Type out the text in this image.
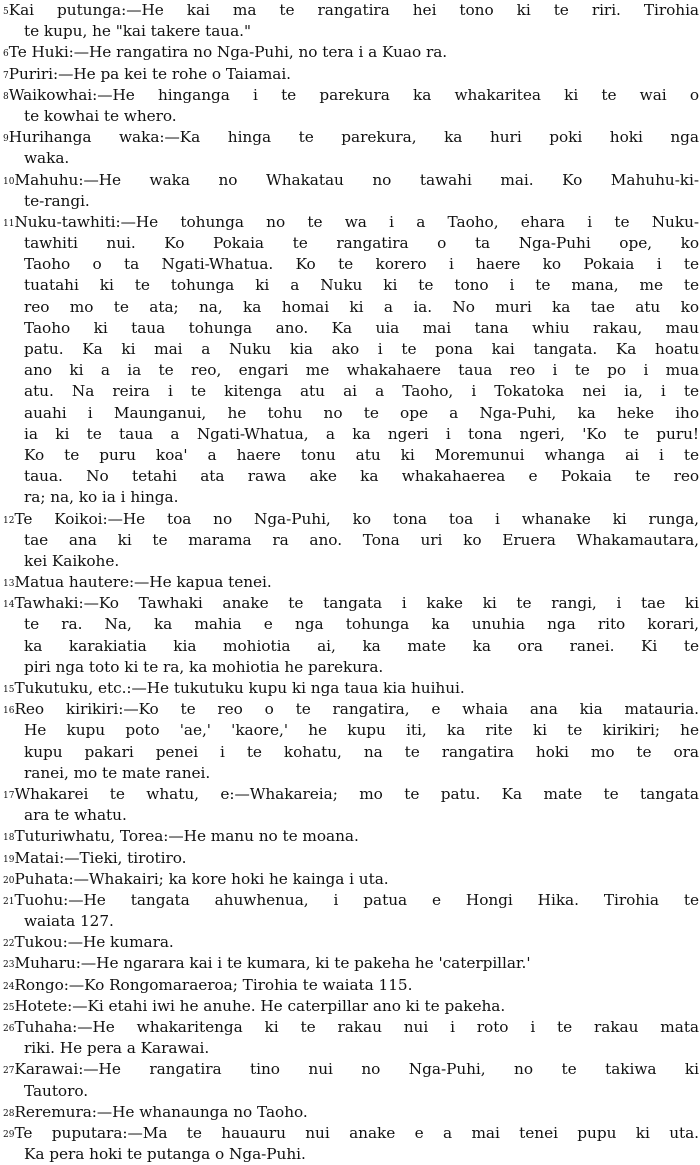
5Kai putunga:—He kai ma te rangatira hei tono ki te riri. Tirohia
te kupu, he "kai takere taua."
6Te Huki:—He rangatira no Nga-Puhi, no tera i a Kuao ra.
7Puriri:—He pa kei te rohe o Taiamai.
8Waikowhai:—He hinganga i te parekura ka whakaritea ki te wai o
te kowhai te whero.
9Hurihanga waka:—Ka hinga te parekura, ka huri poki hoki nga
waka.
10Mahuhu:—He waka no Whakatau no tawahi mai. Ko Mahuhu-ki-
te-rangi.
11Nuku-tawhiti:—He tohunga no te wa i a Taoho, ehara i te Nuku-
tawhiti nui. Ko Pokaia te rangatira o ta Nga-Puhi ope, ko
Taoho o ta Ngati-Whatua. Ko te korero i haere ko Pokaia i te
tuatahi ki te tohunga ki a Nuku ki te tono i te mana, me te
reo mo te ata; na, ka homai ki a ia. No muri ka tae atu ko
Taoho ki taua tohunga ano. Ka uia mai tana whiu rakau, mau
patu. Ka ki mai a Nuku kia ako i te pona kai tangata. Ka hoatu
ano ki a ia te reo, engari me whakahaere taua reo i te po i mua
atu. Na reira i te kitenga atu ai a Taoho, i Tokatoka nei ia, i te
auahi i Maunganui, he tohu no te ope a Nga-Puhi, ka heke iho
ia ki te taua a Ngati-Whatua, a ka ngeri i tona ngeri, 'Ko te puru!
Ko te puru koa' a haere tonu atu ki Moremunui whanga ai i te
taua. No tetahi ata rawa ake ka whakahaerea e Pokaia te reo
ra; na, ko ia i hinga.
12Te Koikoi:—He toa no Nga-Puhi, ko tona toa i whanake ki runga,
tae ana ki te marama ra ano. Tona uri ko Eruera Whakamautara,
kei Kaikohe.
13Matua hautere:—He kapua tenei.
14Tawhaki:—Ko Tawhaki anake te tangata i kake ki te rangi, i tae ki
te ra. Na, ka mahia e nga tohunga ka unuhia nga rito korari,
ka karakiatia kia mohiotia ai, ka mate ka ora ranei. Ki te
piri nga toto ki te ra, ka mohiotia he parekura.
15Tukutuku, etc.:—He tukutuku kupu ki nga taua kia huihui.
16Reo kirikiri:—Ko te reo o te rangatira, e whaia ana kia matauria.
He kupu poto 'ae,' 'kaore,' he kupu iti, ka rite ki te kirikiri; he
kupu pakari penei i te kohatu, na te rangatira hoki mo te ora
ranei, mo te mate ranei.
17Whakarei te whatu, e:—Whakareia; mo te patu. Ka mate te tangata
ara te whatu.
18Tuturiwhatu, Torea:—He manu no te moana.
19Matai:—Tieki, tirotiro.
20Puhata:—Whakairi; ka kore hoki he kainga i uta.
21Tuohu:—He tangata ahuwhenua, i patua e Hongi Hika. Tirohia te
waiata 127.
22Tukou:—He kumara.
23Muharu:—He ngarara kai i te kumara, ki te pakeha he 'caterpillar.'
24Rongo:—Ko Rongomaraeroa; Tirohia te waiata 115.
25Hotete:—Ki etahi iwi he anuhe. He caterpillar ano ki te pakeha.
26Tuhaha:—He whakaritenga ki te rakau nui i roto i te rakau mata
riki. He pera a Karawai.
27Karawai:—He rangatira tino nui no Nga-Puhi, no te takiwa ki
Tautoro.
28Reremura:—He whanaunga no Taoho.
29Te puputara:—Ma te hauauru nui anake e a mai tenei pupu ki uta.
Ka pera hoki te putanga o Nga-Puhi.
